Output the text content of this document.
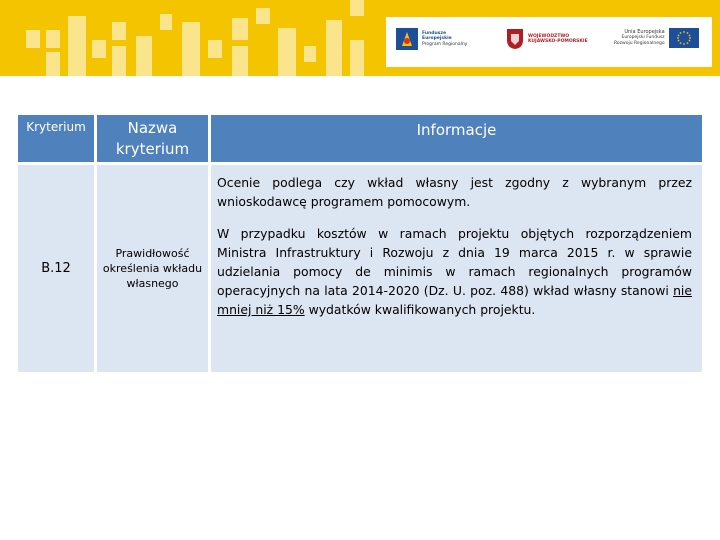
Fundusze
Europejskie
Program Regionalny
WOJEWÓDZTWO
KUJAWSKO-POMORSKIE
Unia Europejska
Europejski Fundusz
Rozwoju Regionalnego
Kryterium	Nazwa kryterium	Informacje
B.12	Prawidłowość określenia wkładu własnego	Ocenie podlega czy wkład własny jest zgodny z wybranym przez wnioskodawcę programem pomocowym.

W przypadku kosztów w ramach projektu objętych rozporządzeniem Ministra Infrastruktury i Rozwoju z dnia 19 marca 2015 r. w sprawie udzielania pomocy de minimis w ramach regionalnych programów operacyjnych na lata 2014-2020 (Dz. U. poz. 488) wkład własny stanowi nie mniej niż 15% wydatków kwalifikowanych projektu.
